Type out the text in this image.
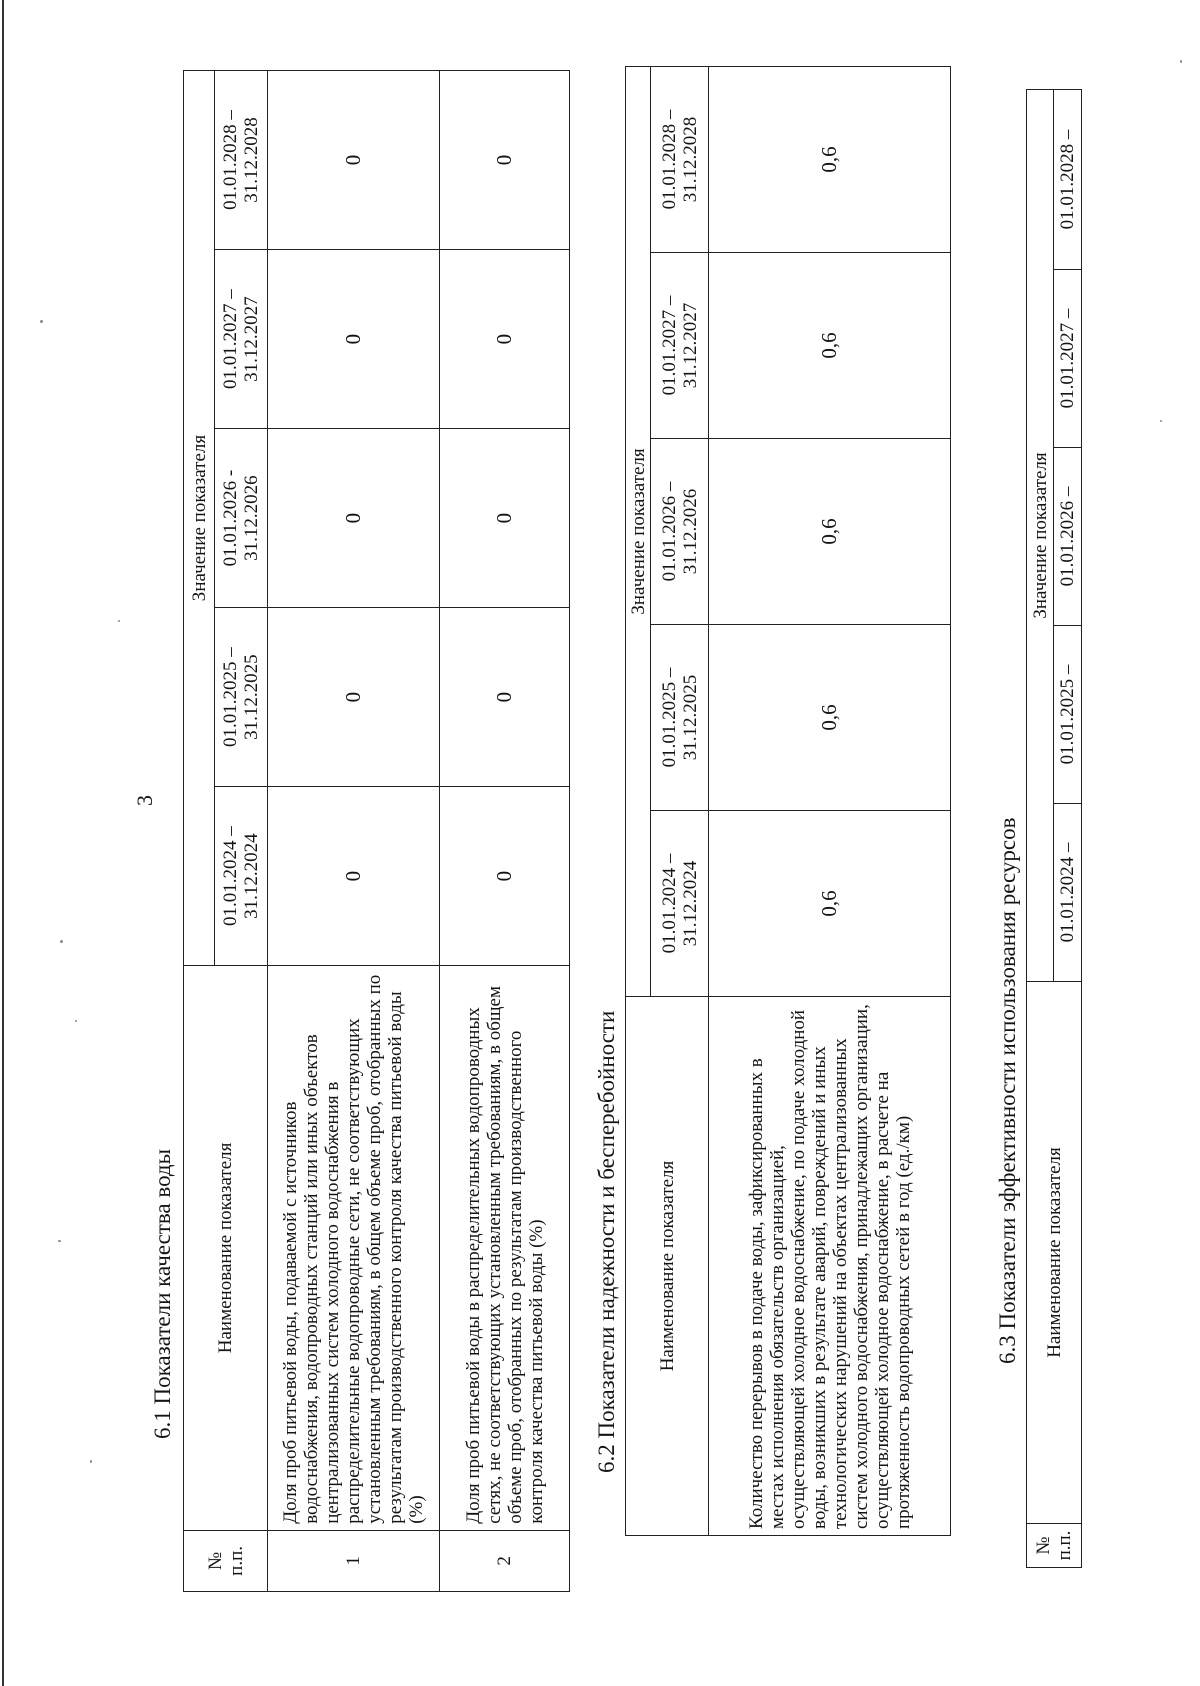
3
6.1 Показатели качества воды
№ п.п.	Наименование показателя	Значение показателя				
		01.01.2024 – 31.12.2024	01.01.2025 – 31.12.2025	01.01.2026 - 31.12.2026	01.01.2027 – 31.12.2027	01.01.2028 – 31.12.2028
1	Доля проб питьевой воды, подаваемой с источников водоснабжения, водопроводных станций или иных объектов централизованных систем холодного водоснабжения в распределительные водопроводные сети, не соответствующих установленным требованиям, в общем объеме проб, отобранных по результатам производственного контроля качества питьевой воды (%)	0	0	0	0	0
2	Доля проб питьевой воды в распределительных водопроводных сетях, не соответствующих установленным требованиям, в общем объеме проб, отобранных по результатам производственного контроля качества питьевой воды (%)	0	0	0	0	0
6.2 Показатели надежности и бесперебойности Наименование показателя	Значение показателя				
	01.01.2024 – 31.12.2024	01.01.2025 – 31.12.2025	01.01.2026 – 31.12.2026	01.01.2027 – 31.12.2027	01.01.2028 – 31.12.2028
Количество перерывов в подаче воды, зафиксированных в местах исполнения обязательств организацией, осуществляющей холодное водоснабжение, по подаче холодной воды, возникших в результате аварий, повреждений и иных технологических нарушений на объектах централизованных систем холодного водоснабжения, принадлежащих организации, осуществляющей холодное водоснабжение, в расчете на протяженность водопроводных сетей в год (ед./км)	0,6	0,6	0,6	0,6	0,6
6.3 Показатели эффективности использования ресурсов
№ п.п.	Наименование показателя	Значение показателя				
		01.01.2024 –	01.01.2025 –	01.01.2026 –	01.01.2027 –	01.01.2028 –
